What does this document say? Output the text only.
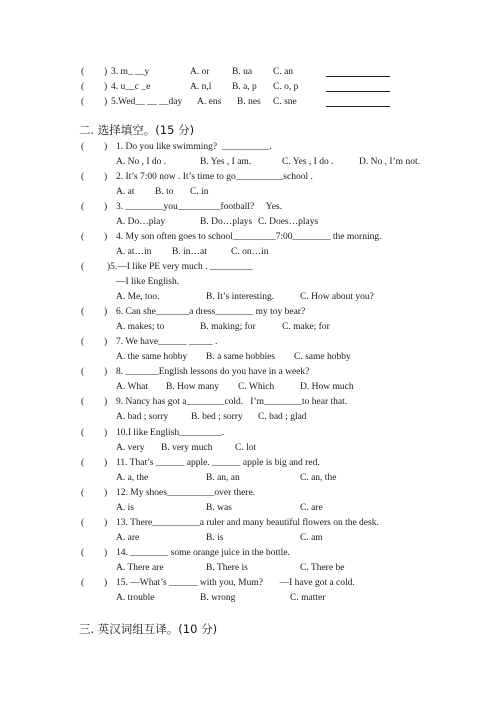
( ) 3. m_ __y	A. or B. ua C. an
( ) 4. u__c _e	A. n,l B. a, p C. o, p
( ) 5.Wed__ __ __day A. ens B. nes C. sne
二. 选择填空。(15 分)
( ) 1. Do you like swimming?  __________.
A. No , I do .	B. Yes , I am.	C. Yes , I do .	D. No , I’m not.
( ) 2. It’s 7:00 now . It’s time to go__________school .
A. at B. to C. in
( ) 3. ________you_________football?     Yes.
A. Do…play	B. Do…plays C. Does…plays
( ) 4. My son often goes to school_________7:00________ the morning.
A. at…in B. in…at	C. on…in
( )5.—I like PE very much . _________
—I like English.
A. Me, too.	B. It’s interesting.	C. How about you?
( ) 6. Can she_______a dress________ my toy bear?
A. makes; to	B. making; for	C. make; for
( ) 7. We have______ _____ .
A. the same hobby B. a same hobbies C. same hobby
( ) 8. _______English lessons do you have in a week?
A. What B. How many C. Which	D. How much
( ) 9. Nancy has got a________cold.   I’m________to hear that.
A. bad ; sorry B. bed ; sorry C. bad ; glad
( ) 10.I like English_________.
A. very B. very much C. lot
( ) 11. That’s ______ apple. ______ apple is big and red.
A. a, the	B. an, an	C. an, the
( ) 12. My shoes__________over there.
A. is	B. was	C. are
( ) 13. There__________a ruler and many beautiful flowers on the desk.
A. are	B. is	C. am
( ) 14. ________ some orange juice in the bottle.
A. There are	B. There is	C. There be
( ) 15. —What’s ______ with you, Mum?       —I have got a cold.
A. trouble	B. wrong	C. matter
三. 英汉词组互译。(10 分)
